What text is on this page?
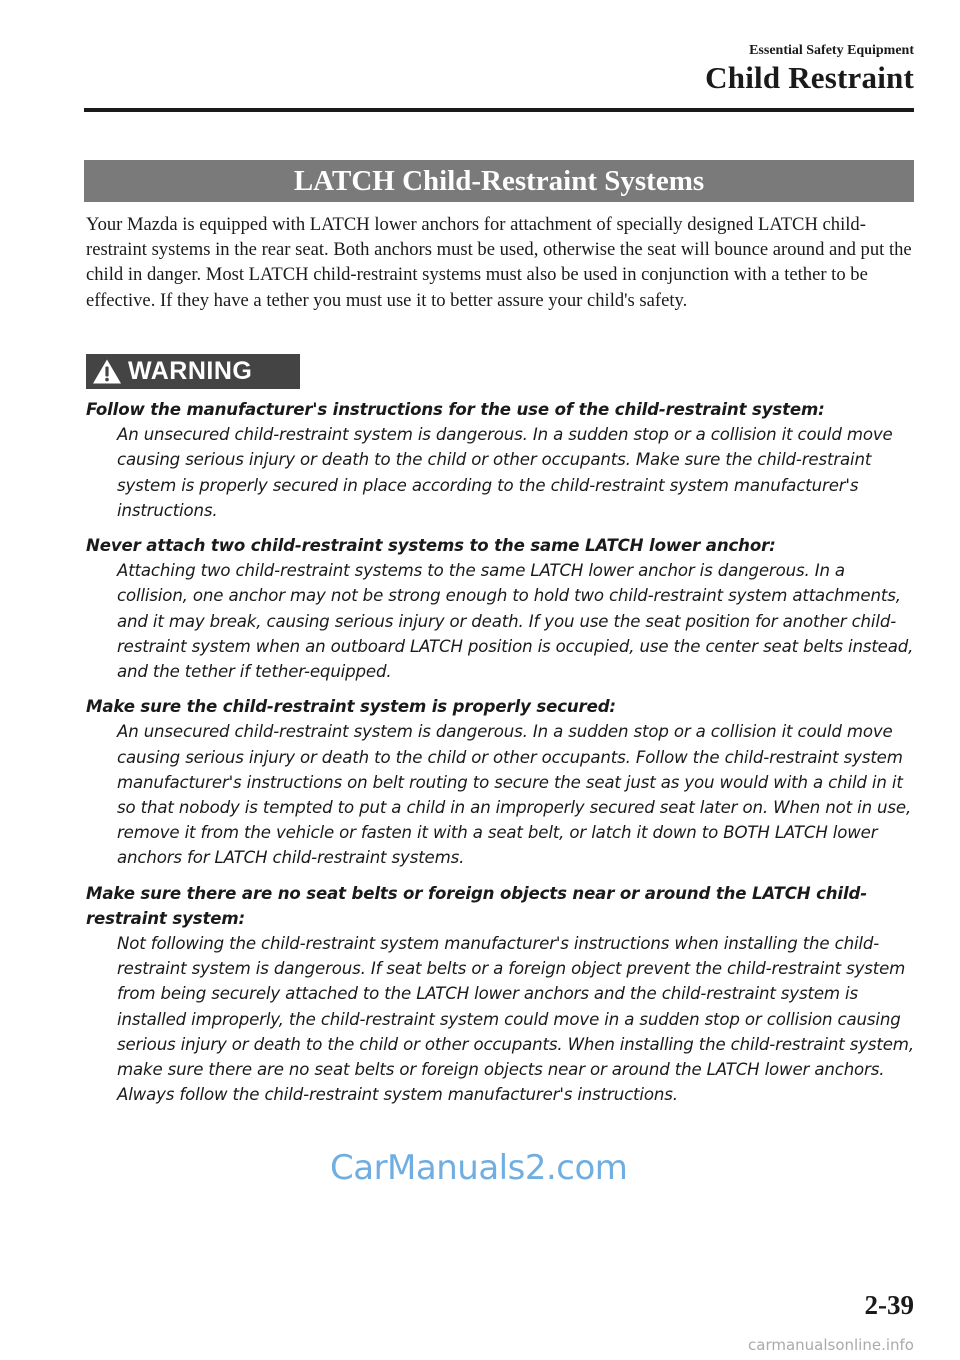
Essential Safety Equipment
Child Restraint
LATCH Child-Restraint Systems

Your Mazda is equipped with LATCH lower anchors for attachment of specially designed LATCH child-restraint systems in the rear seat. Both anchors must be used, otherwise the seat will bounce around and put the child in danger. Most LATCH child-restraint systems must also be used in conjunction with a tether to be effective. If they have a tether you must use it to better assure your child's safety.

WARNING

Follow the manufacturer's instructions for the use of the child-restraint system:

An unsecured child-restraint system is dangerous. In a sudden stop or a collision it could move causing serious injury or death to the child or other occupants. Make sure the child-restraint system is properly secured in place according to the child-restraint system manufacturer's instructions.

Never attach two child-restraint systems to the same LATCH lower anchor:

Attaching two child-restraint systems to the same LATCH lower anchor is dangerous. In a collision, one anchor may not be strong enough to hold two child-restraint system attachments, and it may break, causing serious injury or death. If you use the seat position for another child-restraint system when an outboard LATCH position is occupied, use the center seat belts instead, and the tether if tether-equipped.

Make sure the child-restraint system is properly secured:

An unsecured child-restraint system is dangerous. In a sudden stop or a collision it could move causing serious injury or death to the child or other occupants. Follow the child-restraint system manufacturer's instructions on belt routing to secure the seat just as you would with a child in it so that nobody is tempted to put a child in an improperly secured seat later on. When not in use, remove it from the vehicle or fasten it with a seat belt, or latch it down to BOTH LATCH lower anchors for LATCH child-restraint systems.

Make sure there are no seat belts or foreign objects near or around the LATCH child-restraint system:

Not following the child-restraint system manufacturer's instructions when installing the child-restraint system is dangerous. If seat belts or a foreign object prevent the child-restraint system from being securely attached to the LATCH lower anchors and the child-restraint system is installed improperly, the child-restraint system could move in a sudden stop or collision causing serious injury or death to the child or other occupants. When installing the child-restraint system, make sure there are no seat belts or foreign objects near or around the LATCH lower anchors. Always follow the child-restraint system manufacturer's instructions.

CarManuals2.com
2-39
carmanualsonline.info
